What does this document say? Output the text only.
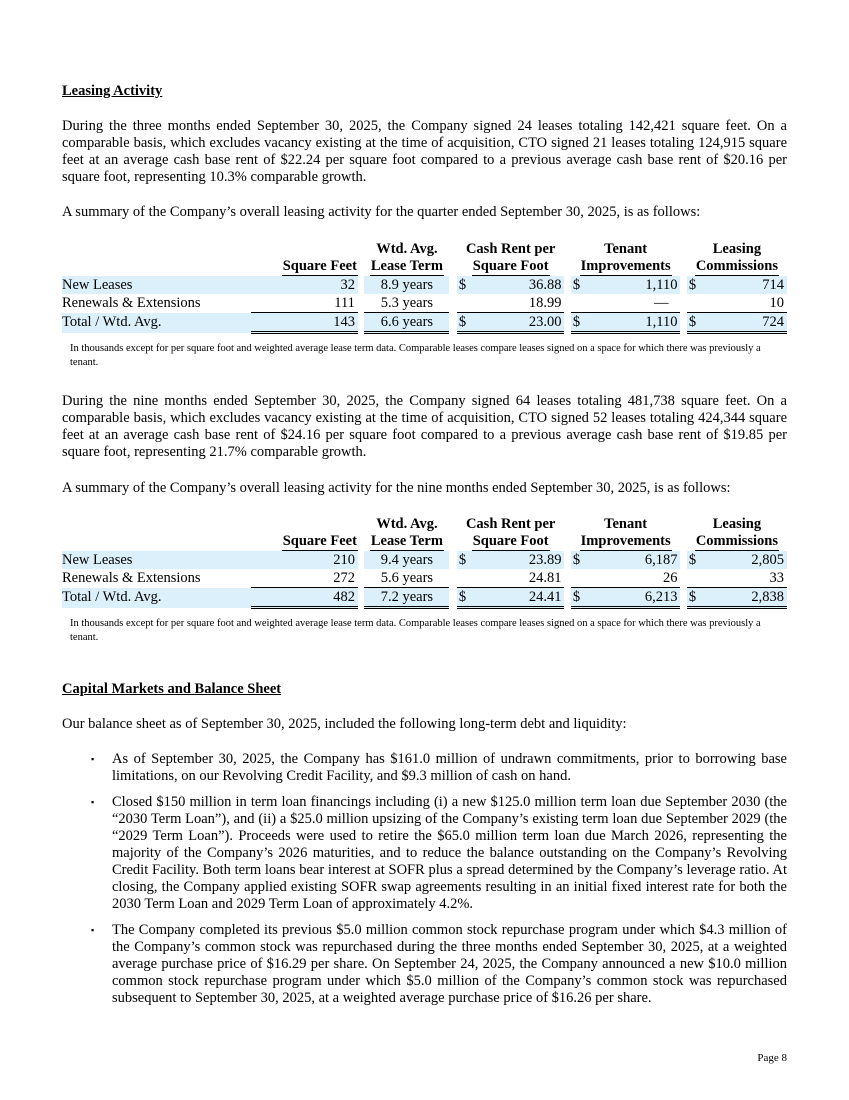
Leasing Activity

During the three months ended September 30, 2025, the Company signed 24 leases totaling 142,421 square feet. On a comparable basis, which excludes vacancy existing at the time of acquisition, CTO signed 21 leases totaling 124,915 square feet at an average cash base rent of $22.24 per square foot compared to a previous average cash base rent of $20.16 per square foot, representing 10.3% comparable growth.

A summary of the Company’s overall leasing activity for the quarter ended September 30, 2025, is as follows:

			Wtd. Avg.		Cash Rent per			Tenant			Leasing	
	Square Feet		Lease Term		Square Foot			Improvements			Commissions	
New Leases	32		8.9 years		$	36.88		$	1,110		$	714
Renewals & Extensions	111		5.3 years			18.99			—			10
Total / Wtd. Avg.	143		6.6 years		$	23.00		$	1,110		$	724

In thousands except for per square foot and weighted average lease term data. Comparable leases compare leases signed on a space for which there was previously a tenant.

During the nine months ended September 30, 2025, the Company signed 64 leases totaling 481,738 square feet. On a comparable basis, which excludes vacancy existing at the time of acquisition, CTO signed 52 leases totaling 424,344 square feet at an average cash base rent of $24.16 per square foot compared to a previous average cash base rent of $19.85 per square foot, representing 21.7% comparable growth.

A summary of the Company’s overall leasing activity for the nine months ended September 30, 2025, is as follows:

			Wtd. Avg.		Cash Rent per			Tenant			Leasing	
	Square Feet		Lease Term		Square Foot			Improvements			Commissions	
New Leases	210		9.4 years		$	23.89		$	6,187		$	2,805
Renewals & Extensions	272		5.6 years			24.81			26			33
Total / Wtd. Avg.	482		7.2 years		$	24.41		$	6,213		$	2,838

In thousands except for per square foot and weighted average lease term data. Comparable leases compare leases signed on a space for which there was previously a tenant.

Capital Markets and Balance Sheet

Our balance sheet as of September 30, 2025, included the following long-term debt and liquidity:

▪ As of September 30, 2025, the Company has $161.0 million of undrawn commitments, prior to borrowing base limitations, on our Revolving Credit Facility, and $9.3 million of cash on hand.
▪ Closed $150 million in term loan financings including (i) a new $125.0 million term loan due September 2030 (the “2030 Term Loan”), and (ii) a $25.0 million upsizing of the Company’s existing term loan due September 2029 (the “2029 Term Loan”). Proceeds were used to retire the $65.0 million term loan due March 2026, representing the majority of the Company’s 2026 maturities, and to reduce the balance outstanding on the Company’s Revolving Credit Facility. Both term loans bear interest at SOFR plus a spread determined by the Company’s leverage ratio. At closing, the Company applied existing SOFR swap agreements resulting in an initial fixed interest rate for both the 2030 Term Loan and 2029 Term Loan of approximately 4.2%.
▪ The Company completed its previous $5.0 million common stock repurchase program under which $4.3 million of the Company’s common stock was repurchased during the three months ended September 30, 2025, at a weighted average purchase price of $16.29 per share. On September 24, 2025, the Company announced a new $10.0 million common stock repurchase program under which $5.0 million of the Company’s common stock was repurchased subsequent to September 30, 2025, at a weighted average purchase price of $16.26 per share.
Page 8
